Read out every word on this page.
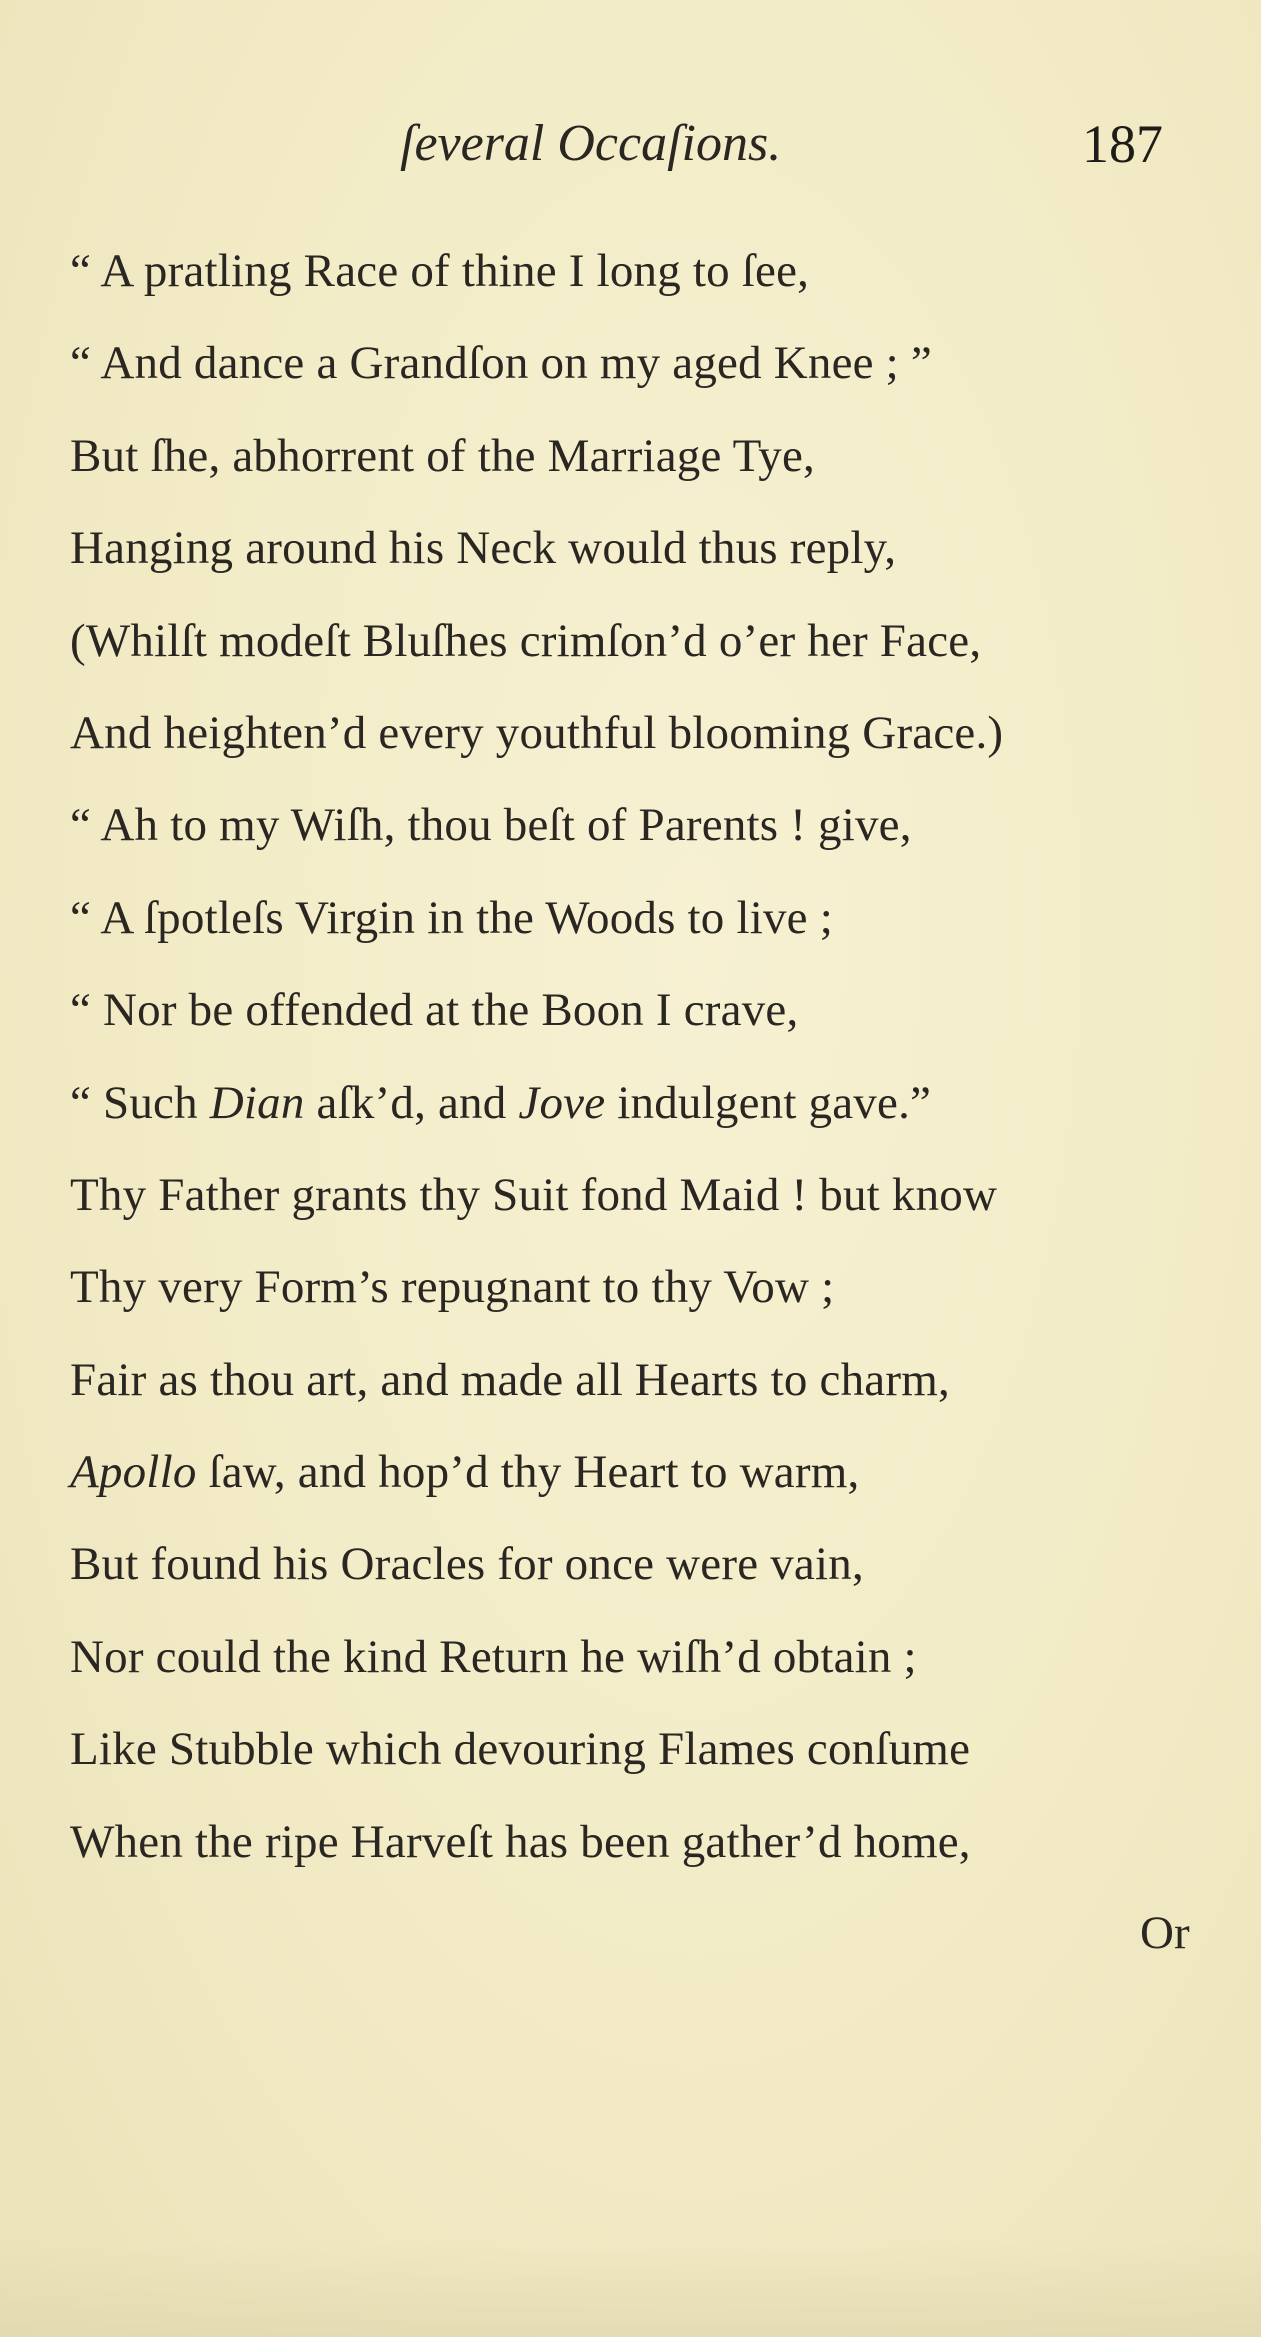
ſeveral Occaſions.	187
“ A pratling Race of thine I long to ſee,
“ And dance a Grandſon on my aged Knee ; ”
But ſhe, abhorrent of the Marriage Tye,
Hanging around his Neck would thus reply,
(Whilſt modeſt Bluſhes crimſon’d o’er her Face,
And heighten’d every youthful blooming Grace.)
“ Ah to my Wiſh, thou beſt of Parents ! give,
“ A ſpotleſs Virgin in the Woods to live ;
“ Nor be offended at the Boon I crave,
“ Such Dian aſk’d, and Jove indulgent gave.”
Thy Father grants thy Suit fond Maid ! but know
Thy very Form’s repugnant to thy Vow ;
Fair as thou art, and made all Hearts to charm,
Apollo ſaw, and hop’d thy Heart to warm,
But found his Oracles for once were vain,
Nor could the kind Return he wiſh’d obtain ;
Like Stubble which devouring Flames conſume
When the ripe Harveſt has been gather’d home,
Or
